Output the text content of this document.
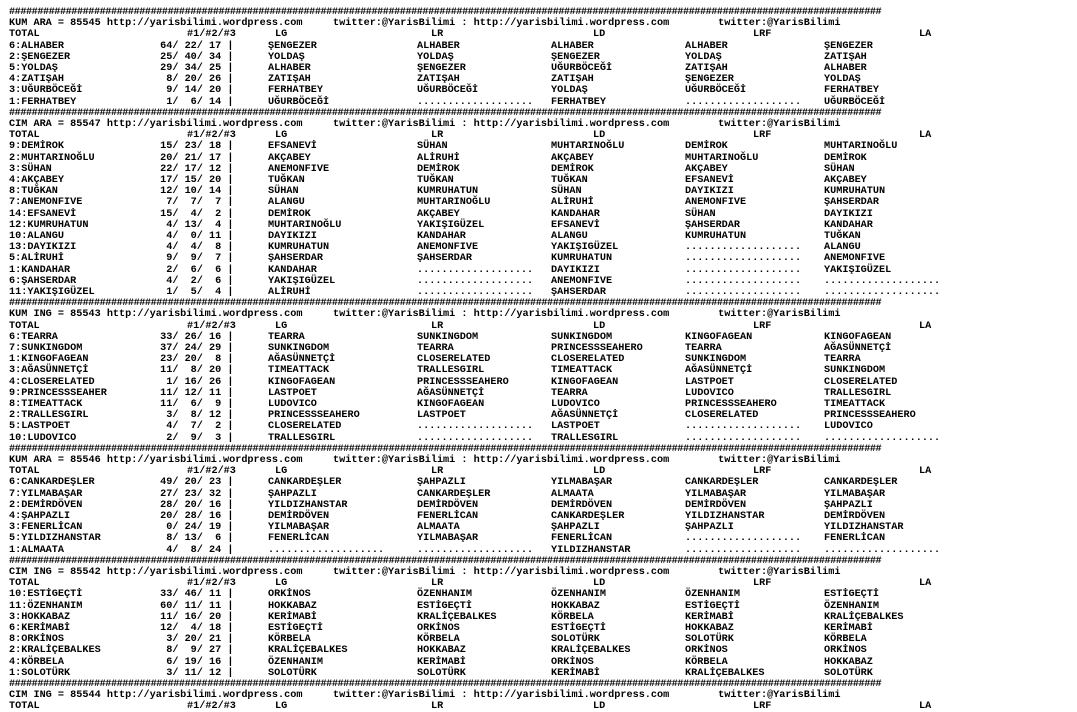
##########################################################################################################################################################
KUM ARA = 85545 http://yarisbilimi.wordpress.com     twitter:@YarisBilimi : http://yarisbilimi.wordpress.com        twitter:@YarisBilimi
TOTAL	#1/#2/#3	LG	LR	LD	LRF	LA
6:ALHABER	64/ 22/ 17 |	ŞENGEZER	ALHABER	ALHABER	ALHABER	ŞENGEZER
2:ŞENGEZER	25/ 40/ 34 |	YOLDAŞ	YOLDAŞ	ŞENGEZER	YOLDAŞ	ZATIŞAH
5:YOLDAŞ	29/ 34/ 25 |	ALHABER	ŞENGEZER	UĞURBÖCEĞİ	ZATIŞAH	ALHABER
4:ZATIŞAH	8/ 20/ 26 |	ZATIŞAH	ZATIŞAH	ZATIŞAH	ŞENGEZER	YOLDAŞ
3:UĞURBÖCEĞİ	9/ 14/ 20 |	FERHATBEY	UĞURBÖCEĞİ	YOLDAŞ	UĞURBÖCEĞİ	FERHATBEY
1:FERHATBEY	1/  6/ 14 |	UĞURBÖCEĞİ	................... FERHATBEY	................... UĞURBÖCEĞİ
##########################################################################################################################################################
CIM ARA = 85547 http://yarisbilimi.wordpress.com     twitter:@YarisBilimi : http://yarisbilimi.wordpress.com        twitter:@YarisBilimi
TOTAL	#1/#2/#3	LG	LR	LD	LRF	LA
9:DEMİROK	15/ 23/ 18 |	EFSANEVİ	SÜHAN	MUHTARINOĞLU	DEMİROK	MUHTARINOĞLU
2:MUHTARINOĞLU	20/ 21/ 17 |	AKÇABEY	ALİRUHİ	AKÇABEY	MUHTARINOĞLU	DEMİROK
3:SÜHAN	22/ 17/ 12 |	ANEMONFIVE	DEMİROK	DEMİROK	AKÇABEY	SÜHAN
4:AKÇABEY	17/ 15/ 20 |	TUĞKAN	TUĞKAN	TUĞKAN	EFSANEVİ	AKÇABEY
8:TUĞKAN	12/ 10/ 14 |	SÜHAN	KUMRUHATUN	SÜHAN	DAYIKIZI	KUMRUHATUN
7:ANEMONFIVE	7/  7/  7 |	ALANGU	MUHTARINOĞLU	ALİRUHİ	ANEMONFIVE	ŞAHSERDAR
14:EFSANEVİ	15/  4/  2 |	DEMİROK	AKÇABEY	KANDAHAR	SÜHAN	DAYIKIZI
12:KUMRUHATUN	4/ 13/  4 |	MUHTARINOĞLU	YAKIŞIGÜZEL	EFSANEVİ	ŞAHSERDAR	KANDAHAR
10:ALANGU	4/  0/ 11 |	DAYIKIZI	KANDAHAR	ALANGU	KUMRUHATUN	TUĞKAN
13:DAYIKIZI	4/  4/  8 |	KUMRUHATUN	ANEMONFIVE	YAKIŞIGÜZEL	................... ALANGU
5:ALİRUHİ	9/  9/  7 |	ŞAHSERDAR	ŞAHSERDAR	KUMRUHATUN	................... ANEMONFIVE
1:KANDAHAR	2/  6/  6 |	KANDAHAR	................... DAYIKIZI	................... YAKIŞIGÜZEL
6:ŞAHSERDAR	4/  2/  6 |	YAKIŞIGÜZEL	................... ANEMONFIVE	................... ...................
11:YAKIŞIGÜZEL	1/  5/  4 |	ALİRUHİ	................... ŞAHSERDAR	................... ...................
##########################################################################################################################################################
KUM ING = 85543 http://yarisbilimi.wordpress.com     twitter:@YarisBilimi : http://yarisbilimi.wordpress.com        twitter:@YarisBilimi
TOTAL	#1/#2/#3	LG	LR	LD	LRF	LA
6:TEARRA	33/ 26/ 16 |	TEARRA	SUNKINGDOM	SUNKINGDOM	KINGOFAGEAN	KINGOFAGEAN
7:SUNKINGDOM	37/ 24/ 29 |	SUNKINGDOM	TEARRA	PRINCESSSEAHERO	TEARRA	AĞASÜNNETÇİ
1:KINGOFAGEAN	23/ 20/  8 |	AĞASÜNNETÇİ	CLOSERELATED	CLOSERELATED	SUNKINGDOM	TEARRA
3:AĞASÜNNETÇİ	11/  8/ 20 |	TIMEATTACK	TRALLESGIRL	TIMEATTACK	AĞASÜNNETÇİ	SUNKINGDOM
4:CLOSERELATED	1/ 16/ 26 |	KINGOFAGEAN	PRINCESSSEAHERO	KINGOFAGEAN	LASTPOET	CLOSERELATED
9:PRINCESSSEAHER	11/ 12/ 11 |	LASTPOET	AĞASÜNNETÇİ	TEARRA	LUDOVICO	TRALLESGIRL
8:TIMEATTACK	11/  6/  9 |	LUDOVICO	KINGOFAGEAN	LUDOVICO	PRINCESSSEAHERO	TIMEATTACK
2:TRALLESGIRL	3/  8/ 12 |	PRINCESSSEAHERO	LASTPOET	AĞASÜNNETÇİ	CLOSERELATED	PRINCESSSEAHERO
5:LASTPOET	4/  7/  2 |	CLOSERELATED	................... LASTPOET	................... LUDOVICO
10:LUDOVICO	2/  9/  3 |	TRALLESGIRL	................... TRALLESGIRL	................... ...................
##########################################################################################################################################################
KUM ARA = 85546 http://yarisbilimi.wordpress.com     twitter:@YarisBilimi : http://yarisbilimi.wordpress.com        twitter:@YarisBilimi
TOTAL	#1/#2/#3	LG	LR	LD	LRF	LA
6:CANKARDEŞLER	49/ 20/ 23 |	CANKARDEŞLER	ŞAHPAZLI	YILMABAŞAR	CANKARDEŞLER	CANKARDEŞLER
7:YILMABAŞAR	27/ 23/ 32 |	ŞAHPAZLI	CANKARDEŞLER	ALMAATA	YILMABAŞAR	YILMABAŞAR
2:DEMİRDÖVEN	28/ 20/ 16 |	YILDIZHANSTAR	DEMİRDÖVEN	DEMİRDÖVEN	DEMİRDÖVEN	ŞAHPAZLI
4:ŞAHPAZLI	20/ 28/ 16 |	DEMİRDÖVEN	FENERLİCAN	CANKARDEŞLER	YILDIZHANSTAR	DEMİRDÖVEN
3:FENERLİCAN	0/ 24/ 19 |	YILMABAŞAR	ALMAATA	ŞAHPAZLI	ŞAHPAZLI	YILDIZHANSTAR
5:YILDIZHANSTAR	8/ 13/  6 |	FENERLİCAN	YILMABAŞAR	FENERLİCAN	................... FENERLİCAN
1:ALMAATA	4/  8/ 24 |	...................	................... YILDIZHANSTAR	................... ...................
##########################################################################################################################################################
CIM ING = 85542 http://yarisbilimi.wordpress.com     twitter:@YarisBilimi : http://yarisbilimi.wordpress.com        twitter:@YarisBilimi
TOTAL	#1/#2/#3	LG	LR	LD	LRF	LA
10:ESTİGEÇTİ	33/ 46/ 11 |	ORKİNOS	ÖZENHANIM	ÖZENHANIM	ÖZENHANIM	ESTİGEÇTİ
11:ÖZENHANIM	60/ 11/ 11 |	HOKKABAZ	ESTİGEÇTİ	HOKKABAZ	ESTİGEÇTİ	ÖZENHANIM
3:HOKKABAZ	11/ 16/ 20 |	KERİMABİ	KRALİÇEBALKES	KÖRBELA	KERİMABİ	KRALİÇEBALKES
6:KERİMABİ	12/  4/ 18 |	ESTİGEÇTİ	ORKİNOS	ESTİGEÇTİ	HOKKABAZ	KERİMABİ
8:ORKİNOS	3/ 20/ 21 |	KÖRBELA	KÖRBELA	SOLOTÜRK	SOLOTÜRK	KÖRBELA
2:KRALİÇEBALKES	8/  9/ 27 |	KRALİÇEBALKES	HOKKABAZ	KRALİÇEBALKES	ORKİNOS	ORKİNOS
4:KÖRBELA	6/ 19/ 16 |	ÖZENHANIM	KERİMABİ	ORKİNOS	KÖRBELA	HOKKABAZ
1:SOLOTÜRK	3/ 11/ 12 |	SOLOTÜRK	SOLOTÜRK	KERİMABİ	KRALİÇEBALKES	SOLOTÜRK
##########################################################################################################################################################
CIM ING = 85544 http://yarisbilimi.wordpress.com     twitter:@YarisBilimi : http://yarisbilimi.wordpress.com        twitter:@YarisBilimi
TOTAL	#1/#2/#3	LG	LR	LD	LRF	LA
